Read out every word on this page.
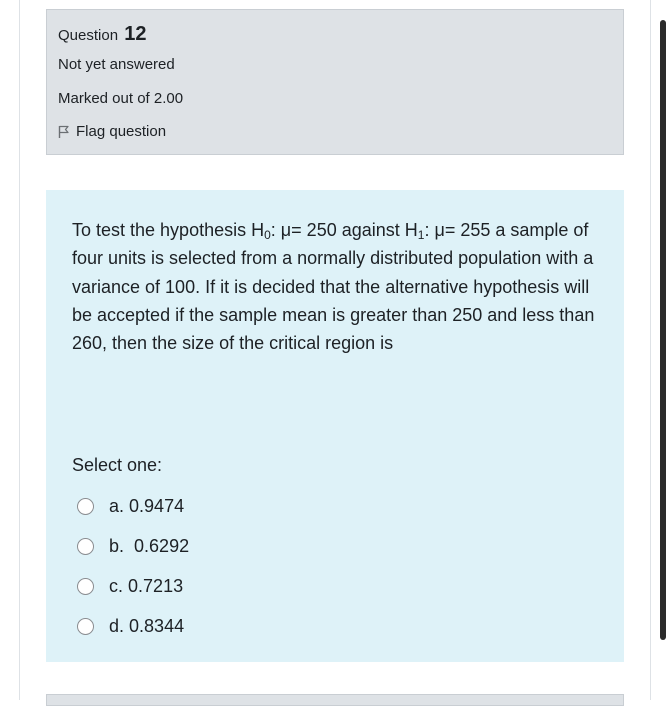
Question 12
Not yet answered
Marked out of 2.00
Flag question
To test the hypothesis $H_0$: μ= 250 against $H_1$: μ= 255 a sample of four units is selected from a normally distributed population with a variance of 100. If it is decided that the alternative hypothesis will be accepted if the sample mean is greater than 250 and less than 260, then the size of the critical region is
Select one:
a.
0.9474
b.
0.6292
c.
0.7213
d.
0.8344
